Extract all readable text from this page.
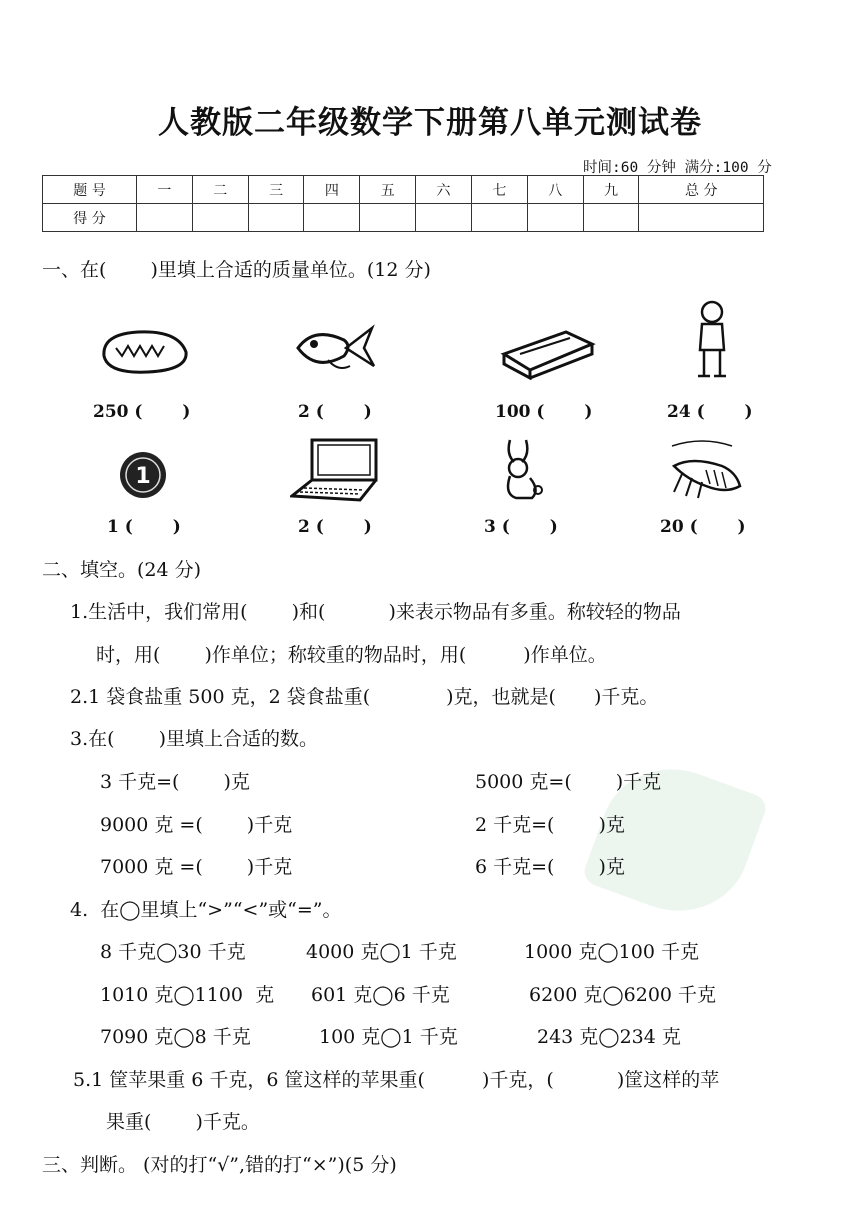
人教版二年级数学下册第八单元测试卷
时间:60 分钟 满分:100 分
题 号	一	二	三	四	五	六	七	八	九	总 分
得 分										
一、在(　　 )里填上合适的质量单位。(12 分)
250 (　　 )	2 (　　 )	100 (　　 )	24 (　　 )
1
1 (　　 )	2 (　　 )	3 (　　 )	20 (　　 )
二、填空。(24 分)
1.生活中，我们常用(　　 )和(　　　 )来表示物品有多重。称较轻的物品
时，用(　　 )作单位；称较重的物品时，用(　　　)作单位。
2.1 袋食盐重 500 克，2 袋食盐重(　　　　)克，也就是(　　)千克。
3.在(　　 )里填上合适的数。
3 千克=(　　 )克	5000 克=(　　 )千克
9000 克 =(　　 )千克	2 千克=(　　 )克
7000 克 =(　　 )千克	6 千克=(　　 )克
4.  在◯里填上“>”“<”或“=”。
8 千克◯30 千克	4000 克◯1 千克	1000 克◯100 千克
1010 克◯1100  克 601 克◯6 千克	6200 克◯6200 千克
7090 克◯8 千克	100 克◯1 千克	243 克◯234 克
5.1 筐苹果重 6 千克，6 筐这样的苹果重(　　　)千克，(　　　 )筐这样的苹
果重(　　 )千克。
三、判断。 (对的打“√”,错的打“×”)(5 分)
